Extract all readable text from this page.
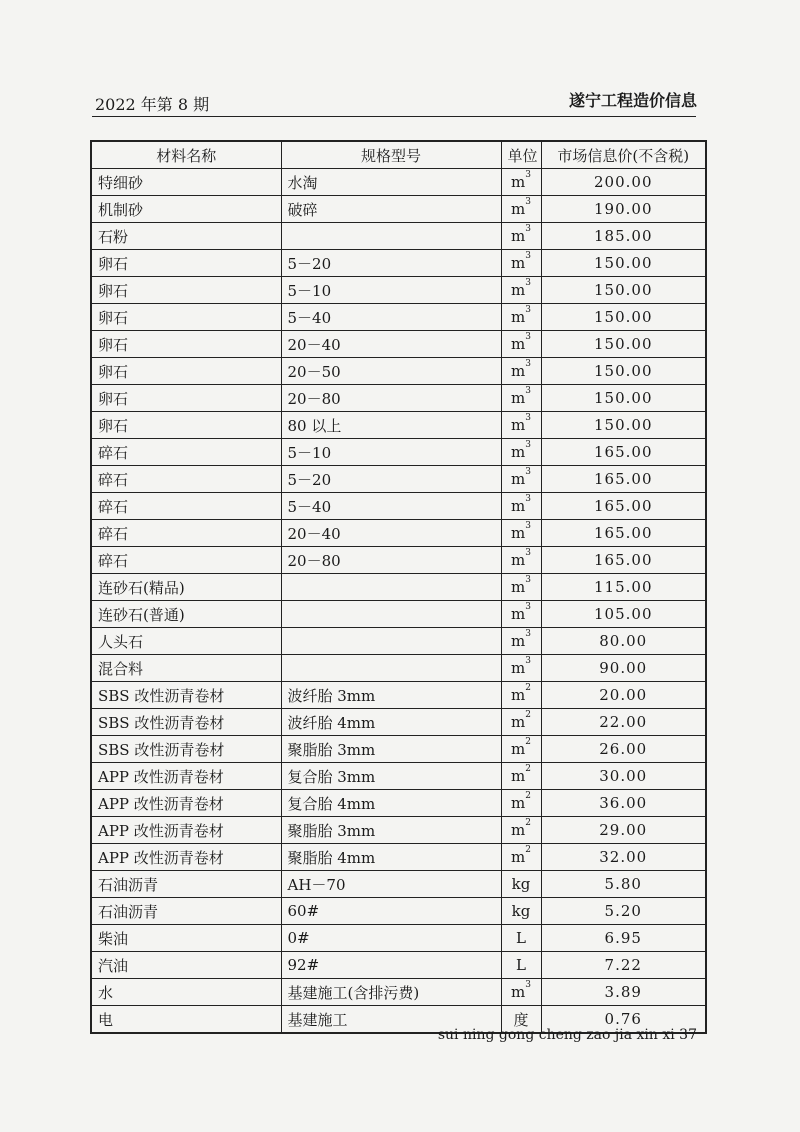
2022 年第 8 期	遂宁工程造价信息
材料名称	规格型号	单位	市场信息价(不含税)
特细砂	水淘	$m^3$	200.00
机制砂	破碎	$m^3$	190.00
石粉		$m^3$	185.00
卵石	5－20	$m^3$	150.00
卵石	5－10	$m^3$	150.00
卵石	5－40	$m^3$	150.00
卵石	20－40	$m^3$	150.00
卵石	20－50	$m^3$	150.00
卵石	20－80	$m^3$	150.00
卵石	80 以上	$m^3$	150.00
碎石	5－10	$m^3$	165.00
碎石	5－20	$m^3$	165.00
碎石	5－40	$m^3$	165.00
碎石	20－40	$m^3$	165.00
碎石	20－80	$m^3$	165.00
连砂石(精品)		$m^3$	115.00
连砂石(普通)		$m^3$	105.00
人头石		$m^3$	80.00
混合料		$m^3$	90.00
SBS 改性沥青卷材	波纤胎 3mm	$m^2$	20.00
SBS 改性沥青卷材	波纤胎 4mm	$m^2$	22.00
SBS 改性沥青卷材	聚脂胎 3mm	$m^2$	26.00
APP 改性沥青卷材	复合胎 3mm	$m^2$	30.00
APP 改性沥青卷材	复合胎 4mm	$m^2$	36.00
APP 改性沥青卷材	聚脂胎 3mm	$m^2$	29.00
APP 改性沥青卷材	聚脂胎 4mm	$m^2$	32.00
石油沥青	AH－70	kg	5.80
石油沥青	60#	kg	5.20
柴油	0#	L	6.95
汽油	92#	L	7.22
水	基建施工(含排污费)	$m^3$	3.89
电	基建施工	度	0.76
sui ning gong cheng zao jia xin xi 37
